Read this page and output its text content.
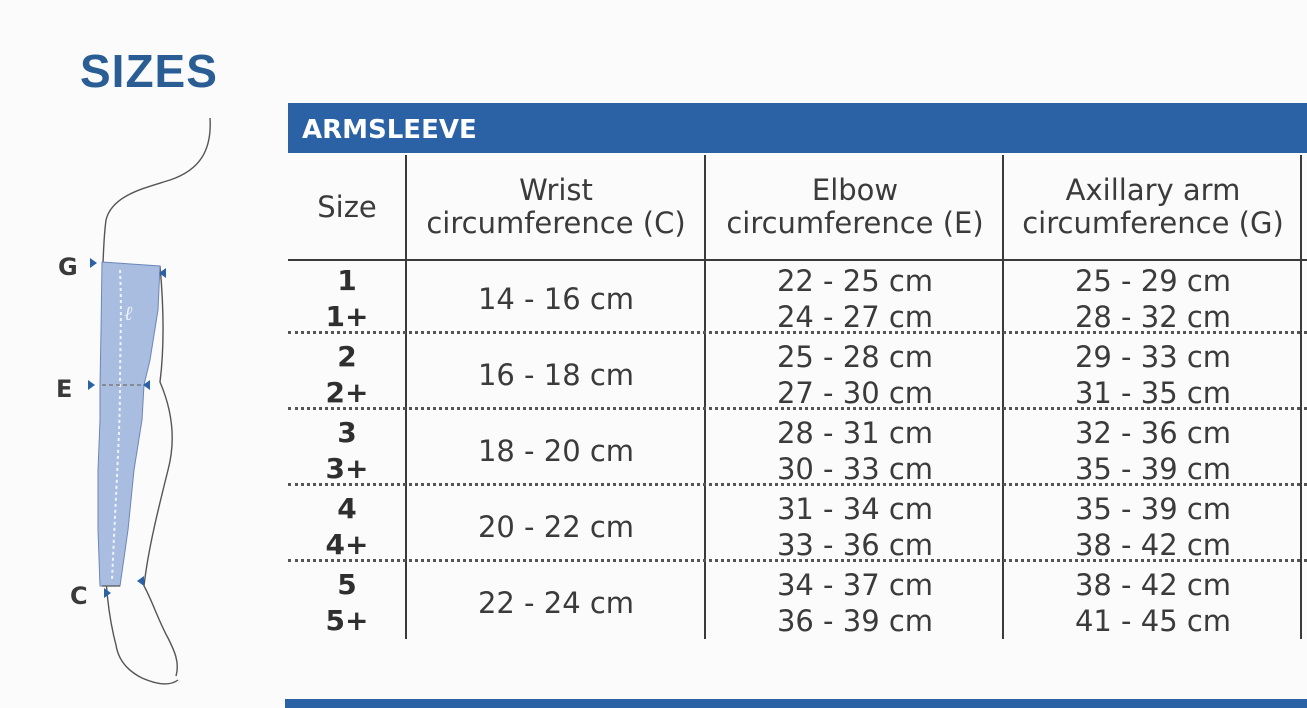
SIZES
ℓ
G
E
C
ARMSLEEVE
Size	Wrist
circumference (C)
Elbow
circumference (E)
Axillary arm
circumference (G)
1
1+
14 - 16 cm
22 - 25 cm
24 - 27 cm
25 - 29 cm
28 - 32 cm
2
2+
16 - 18 cm
25 - 28 cm
27 - 30 cm
29 - 33 cm
31 - 35 cm
3
3+
18 - 20 cm
28 - 31 cm
30 - 33 cm
32 - 36 cm
35 - 39 cm
4
4+
20 - 22 cm
31 - 34 cm
33 - 36 cm
35 - 39 cm
38 - 42 cm
5
5+
22 - 24 cm
34 - 37 cm
36 - 39 cm
38 - 42 cm
41 - 45 cm
